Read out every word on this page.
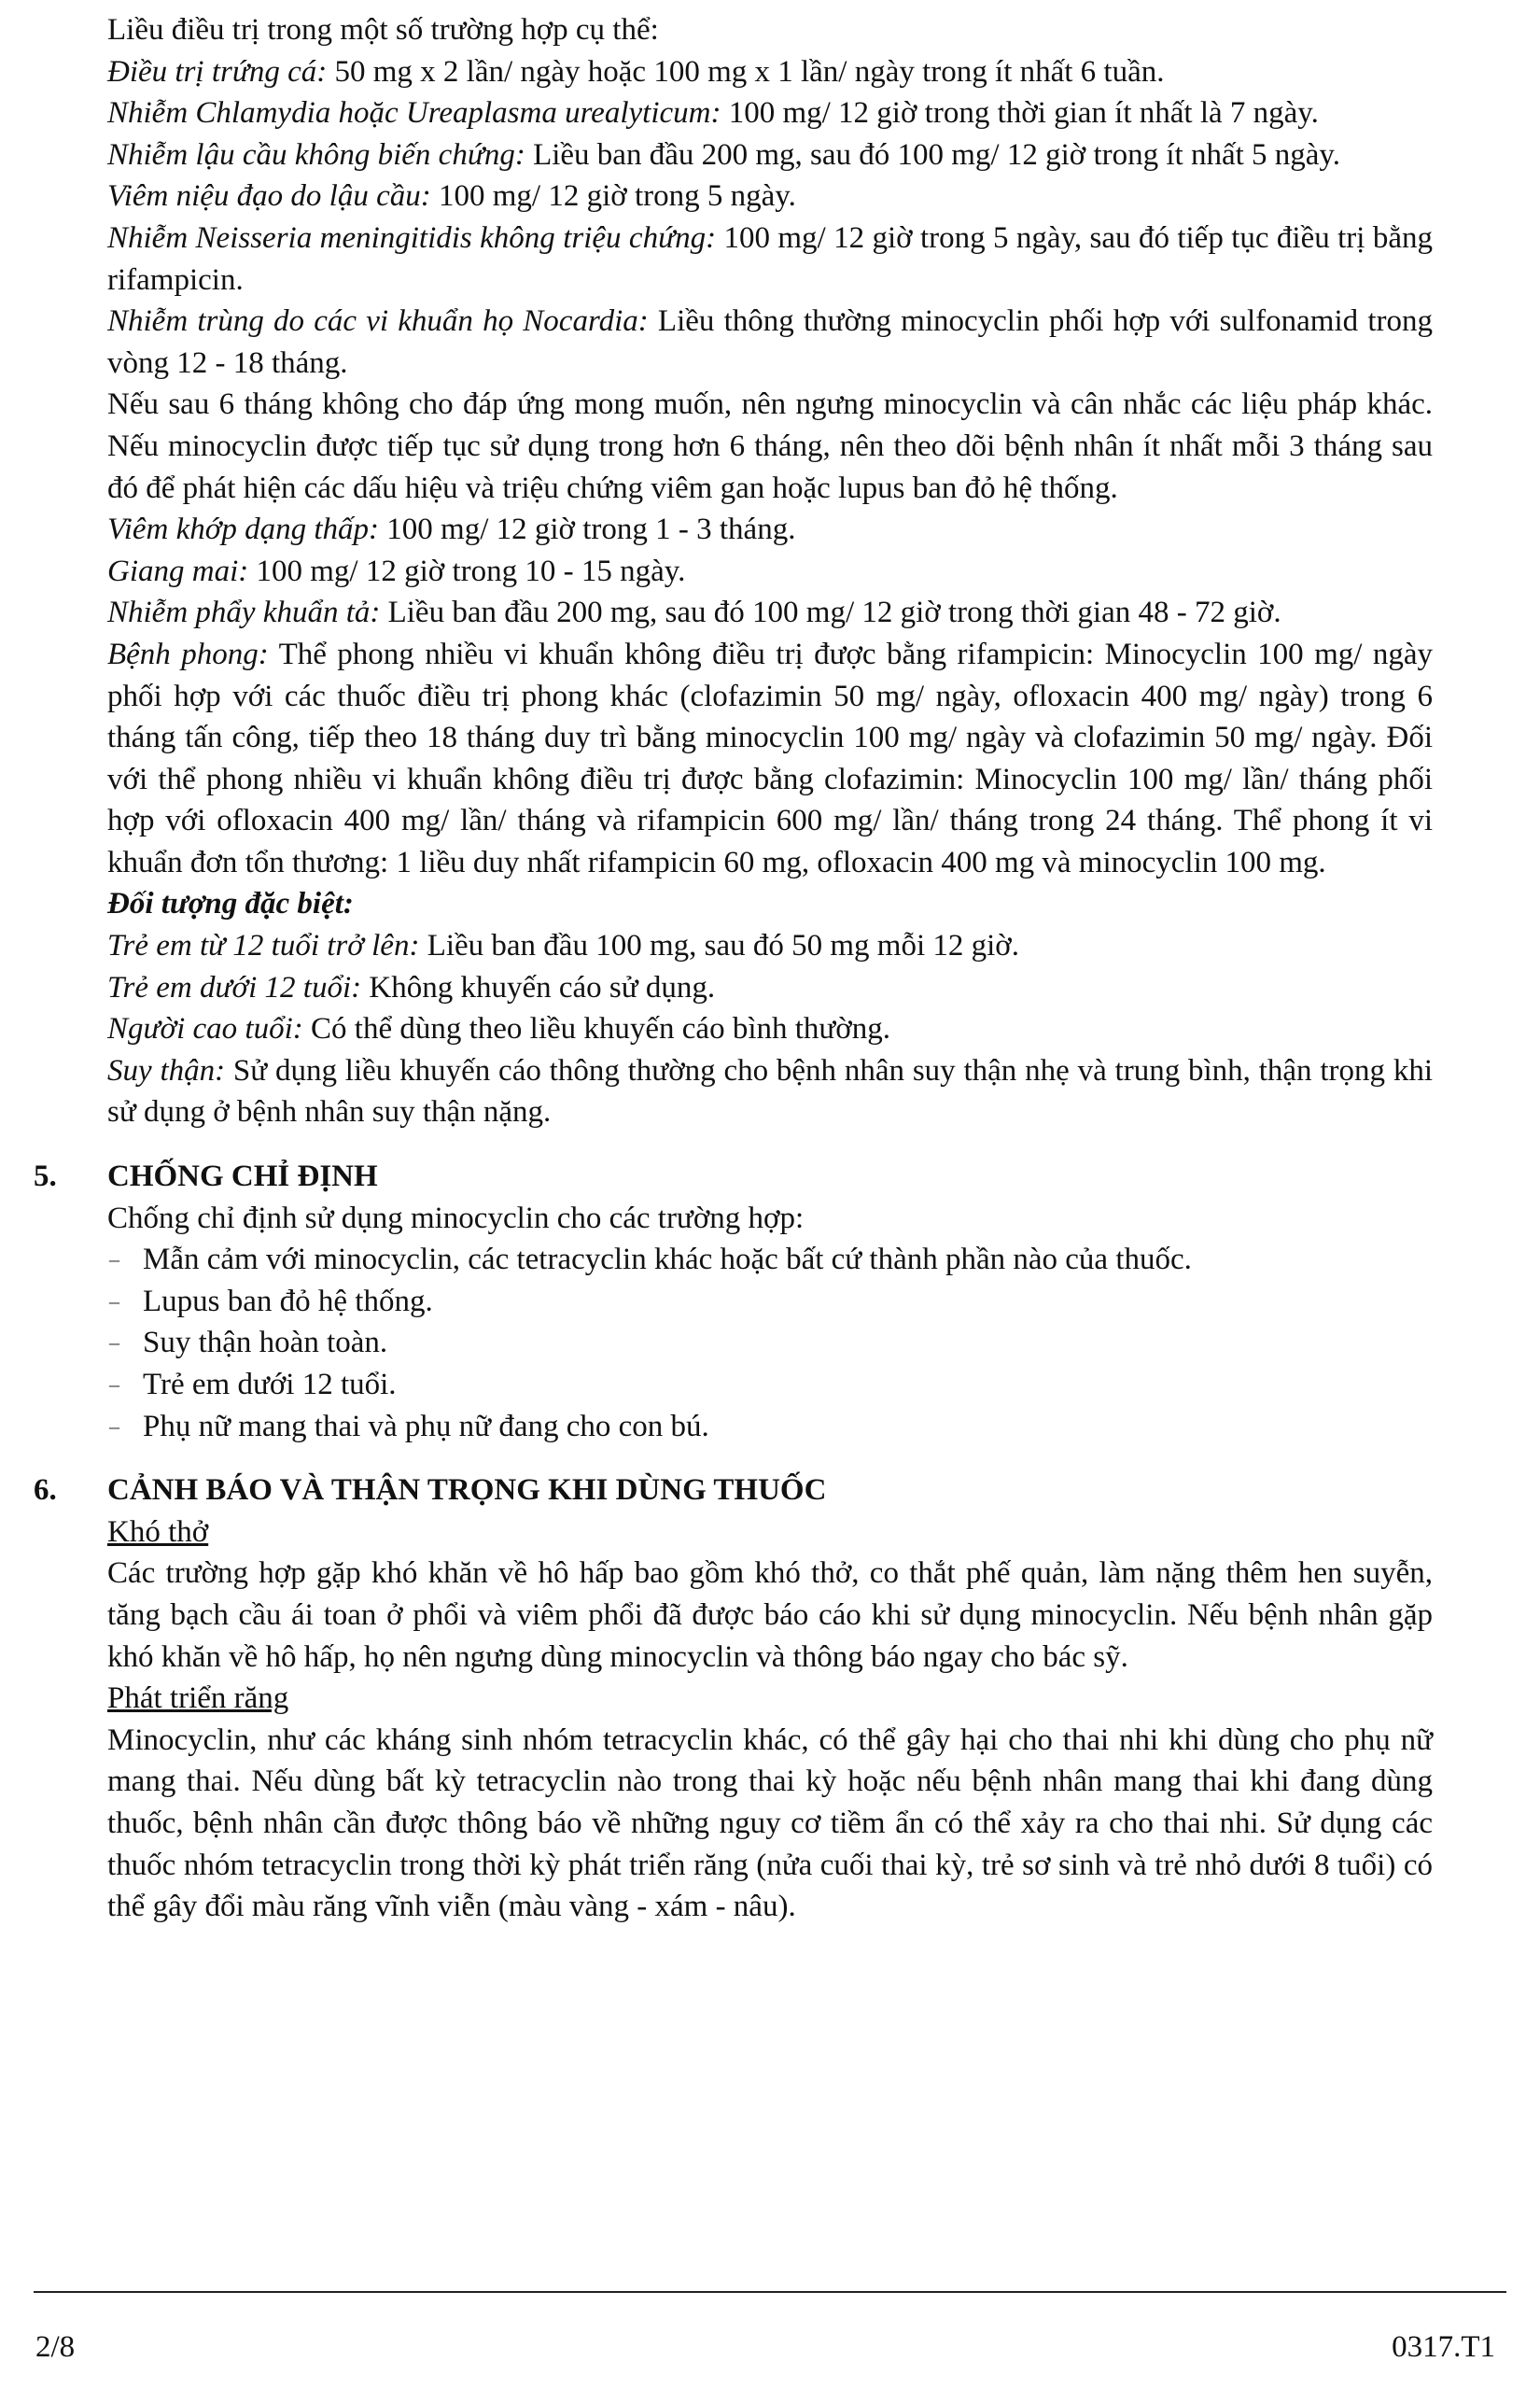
Liều điều trị trong một số trường hợp cụ thể:

Điều trị trứng cá: 50 mg x 2 lần/ ngày hoặc 100 mg x 1 lần/ ngày trong ít nhất 6 tuần.

Nhiễm Chlamydia hoặc Ureaplasma urealyticum: 100 mg/ 12 giờ trong thời gian ít nhất là 7 ngày.

Nhiễm lậu cầu không biến chứng: Liều ban đầu 200 mg, sau đó 100 mg/ 12 giờ trong ít nhất 5 ngày.

Viêm niệu đạo do lậu cầu: 100 mg/ 12 giờ trong 5 ngày.

Nhiễm Neisseria meningitidis không triệu chứng: 100 mg/ 12 giờ trong 5 ngày, sau đó tiếp tục điều trị bằng rifampicin.

Nhiễm trùng do các vi khuẩn họ Nocardia: Liều thông thường minocyclin phối hợp với sulfonamid trong vòng 12 - 18 tháng.

Nếu sau 6 tháng không cho đáp ứng mong muốn, nên ngưng minocyclin và cân nhắc các liệu pháp khác. Nếu minocyclin được tiếp tục sử dụng trong hơn 6 tháng, nên theo dõi bệnh nhân ít nhất mỗi 3 tháng sau đó để phát hiện các dấu hiệu và triệu chứng viêm gan hoặc lupus ban đỏ hệ thống.

Viêm khớp dạng thấp: 100 mg/ 12 giờ trong 1 - 3 tháng.

Giang mai: 100 mg/ 12 giờ trong 10 - 15 ngày.

Nhiễm phẩy khuẩn tả: Liều ban đầu 200 mg, sau đó 100 mg/ 12 giờ trong thời gian 48 - 72 giờ.

Bệnh phong: Thể phong nhiều vi khuẩn không điều trị được bằng rifampicin: Minocyclin 100 mg/ ngày phối hợp với các thuốc điều trị phong khác (clofazimin 50 mg/ ngày, ofloxacin 400 mg/ ngày) trong 6 tháng tấn công, tiếp theo 18 tháng duy trì bằng minocyclin 100 mg/ ngày và clofazimin 50 mg/ ngày. Đối với thể phong nhiều vi khuẩn không điều trị được bằng clofazimin: Minocyclin 100 mg/ lần/ tháng phối hợp với ofloxacin 400 mg/ lần/ tháng và rifampicin 600 mg/ lần/ tháng trong 24 tháng. Thể phong ít vi khuẩn đơn tổn thương: 1 liều duy nhất rifampicin 60 mg, ofloxacin 400 mg và minocyclin 100 mg.

Đối tượng đặc biệt:

Trẻ em từ 12 tuổi trở lên: Liều ban đầu 100 mg, sau đó 50 mg mỗi 12 giờ.

Trẻ em dưới 12 tuổi: Không khuyến cáo sử dụng.

Người cao tuổi: Có thể dùng theo liều khuyến cáo bình thường.

Suy thận: Sử dụng liều khuyến cáo thông thường cho bệnh nhân suy thận nhẹ và trung bình, thận trọng khi sử dụng ở bệnh nhân suy thận nặng.

5. CHỐNG CHỈ ĐỊNH

Chống chỉ định sử dụng minocyclin cho các trường hợp:

– Mẫn cảm với minocyclin, các tetracyclin khác hoặc bất cứ thành phần nào của thuốc.
– Lupus ban đỏ hệ thống.
– Suy thận hoàn toàn.
– Trẻ em dưới 12 tuổi.
– Phụ nữ mang thai và phụ nữ đang cho con bú.

6. CẢNH BÁO VÀ THẬN TRỌNG KHI DÙNG THUỐC

Khó thở

Các trường hợp gặp khó khăn về hô hấp bao gồm khó thở, co thắt phế quản, làm nặng thêm hen suyễn, tăng bạch cầu ái toan ở phổi và viêm phổi đã được báo cáo khi sử dụng minocyclin. Nếu bệnh nhân gặp khó khăn về hô hấp, họ nên ngưng dùng minocyclin và thông báo ngay cho bác sỹ.

Phát triển răng

Minocyclin, như các kháng sinh nhóm tetracyclin khác, có thể gây hại cho thai nhi khi dùng cho phụ nữ mang thai. Nếu dùng bất kỳ tetracyclin nào trong thai kỳ hoặc nếu bệnh nhân mang thai khi đang dùng thuốc, bệnh nhân cần được thông báo về những nguy cơ tiềm ẩn có thể xảy ra cho thai nhi. Sử dụng các thuốc nhóm tetracyclin trong thời kỳ phát triển răng (nửa cuối thai kỳ, trẻ sơ sinh và trẻ nhỏ dưới 8 tuổi) có thể gây đổi màu răng vĩnh viễn (màu vàng - xám - nâu).

2/8	0317.T1
